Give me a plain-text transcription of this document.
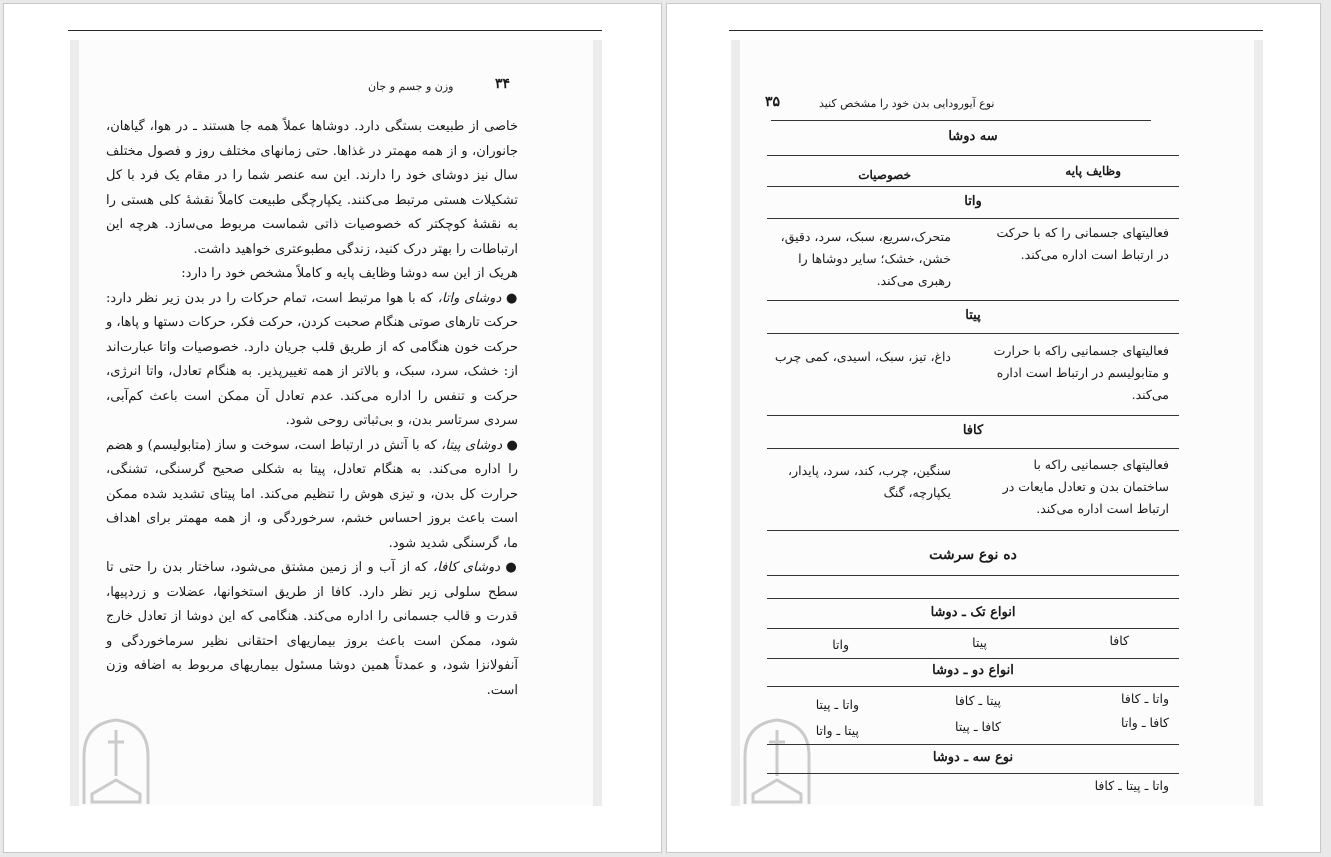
۳۴
وزن و جسم و جان

خاصی از طبیعت بستگی دارد. دوشاها عملاً همه جا هستند ـ در هوا، گیاهان، جانوران، و از همه مهمتر در غذاها. حتی زمانهای مختلف روز و فصول مختلف سال نیز دوشای خود را دارند. این سه عنصر شما را در مقام یک فرد با کل تشکیلات هستی مرتبط می‌کنند. یکپارچگی طبیعت کاملاً نقشهٔ کلی هستی را به نقشهٔ کوچکتر که خصوصیات ذاتی شماست مربوط می‌سازد. هرچه این ارتباطات را بهتر درک کنید، زندگی مطبوعتری خواهید داشت.

هریک از این سه دوشا وظایف پایه و کاملاً مشخص خود را دارد:

● دوشای واتا، که با هوا مرتبط است، تمام حرکات را در بدن زیر نظر دارد: حرکت تارهای صوتی هنگام صحبت کردن، حرکت فکر، حرکات دستها و پاها، و حرکت خون هنگامی که از طریق قلب جریان دارد. خصوصیات واتا عبارت‌اند از: خشک، سرد، سبک، و بالاتر از همه تغییرپذیر. به هنگام تعادل، واتا انرژی، حرکت و تنفس را اداره می‌کند. عدم تعادل آن ممکن است باعث کم‌آبی، سردی سرتاسر بدن، و بی‌ثباتی روحی شود.

● دوشای پیتا، که با آتش در ارتباط است، سوخت و ساز (متابولیسم) و هضم را اداره می‌کند. به هنگام تعادل، پیتا به شکلی صحیح گرسنگی، تشنگی، حرارت کل بدن، و تیزی هوش را تنظیم می‌کند. اما پیتای تشدید شده ممکن است باعث بروز احساس خشم، سرخوردگی و، از همه مهمتر برای اهداف ما، گرسنگی شدید شود.

● دوشای کافا، که از آب و از زمین مشتق می‌شود، ساختار بدن را حتی تا سطح سلولی زیر نظر دارد. کافا از طریق استخوانها، عضلات و زردپیها، قدرت و قالب جسمانی را اداره می‌کند. هنگامی که این دوشا از تعادل خارج شود، ممکن است باعث بروز بیماریهای احتقانی نظیر سرماخوردگی و آنفولانزا شود، و عمدتاً همین دوشا مسئول بیماریهای مربوط به اضافه وزن است.

۳۵	نوع آیورودایی بدن خود را مشخص کنید
سه دوشا
وظایف پایه
خصوصیات
واتا
فعالیتهای جسمانی را که با حرکت در ارتباط است اداره می‌کند.
متحرک،سریع، سبک، سرد، دقیق، خشن، خشک؛ سایر دوشاها را رهبری می‌کند.
پیتا
فعالیتهای جسمانیی راکه با حرارت و متابولیسم در ارتباط است اداره می‌کند.
داغ، تیز، سبک، اسیدی، کمی چرب
کافا
فعالیتهای جسمانیی راکه با ساختمان بدن و تعادل مایعات در ارتباط است اداره می‌کند.
سنگین، چرب، کند، سرد، پایدار، یکپارچه، گنگ
ده نوع سرشت
انواع تک ـ دوشا
کافا
پیتا
واتا
انواع دو ـ دوشا
واتا ـ کافا
پیتا ـ کافا
واتا ـ پیتا
کافا ـ واتا
کافا ـ پیتا
پیتا ـ واتا
نوع سه ـ دوشا
واتا ـ پیتا ـ کافا
